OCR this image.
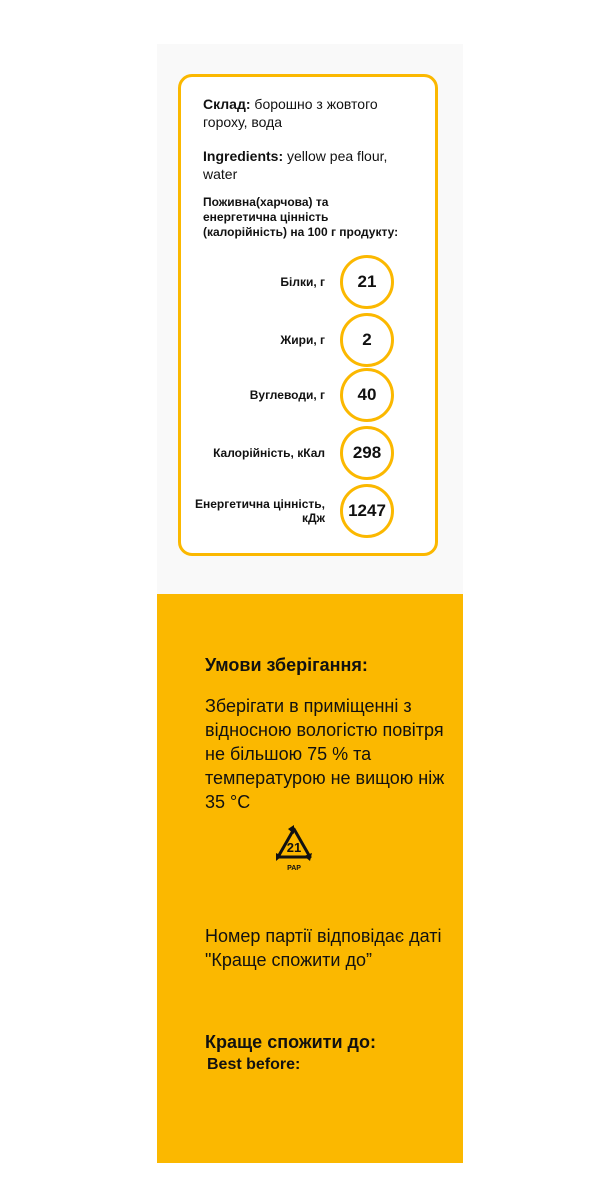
Склад: борошно з жовтого гороху, вода
Ingredients: yellow pea flour, water
Поживна(харчова) та енергетична цінність (калорійність) на 100 г продукту:
Білки, г	21
Жири, г	2
Вуглеводи, г	40
Калорійність, кКал	298
Енергетична цінність, кДж	1247
Умови зберігання:
Зберігати в приміщенні з відносною вологістю повітря не більшою 75 % та температурою не вищою ніж 35 °С
21
PAP
Номер партії відповідає даті "Краще спожити до”
Краще спожити до:
Best before:
